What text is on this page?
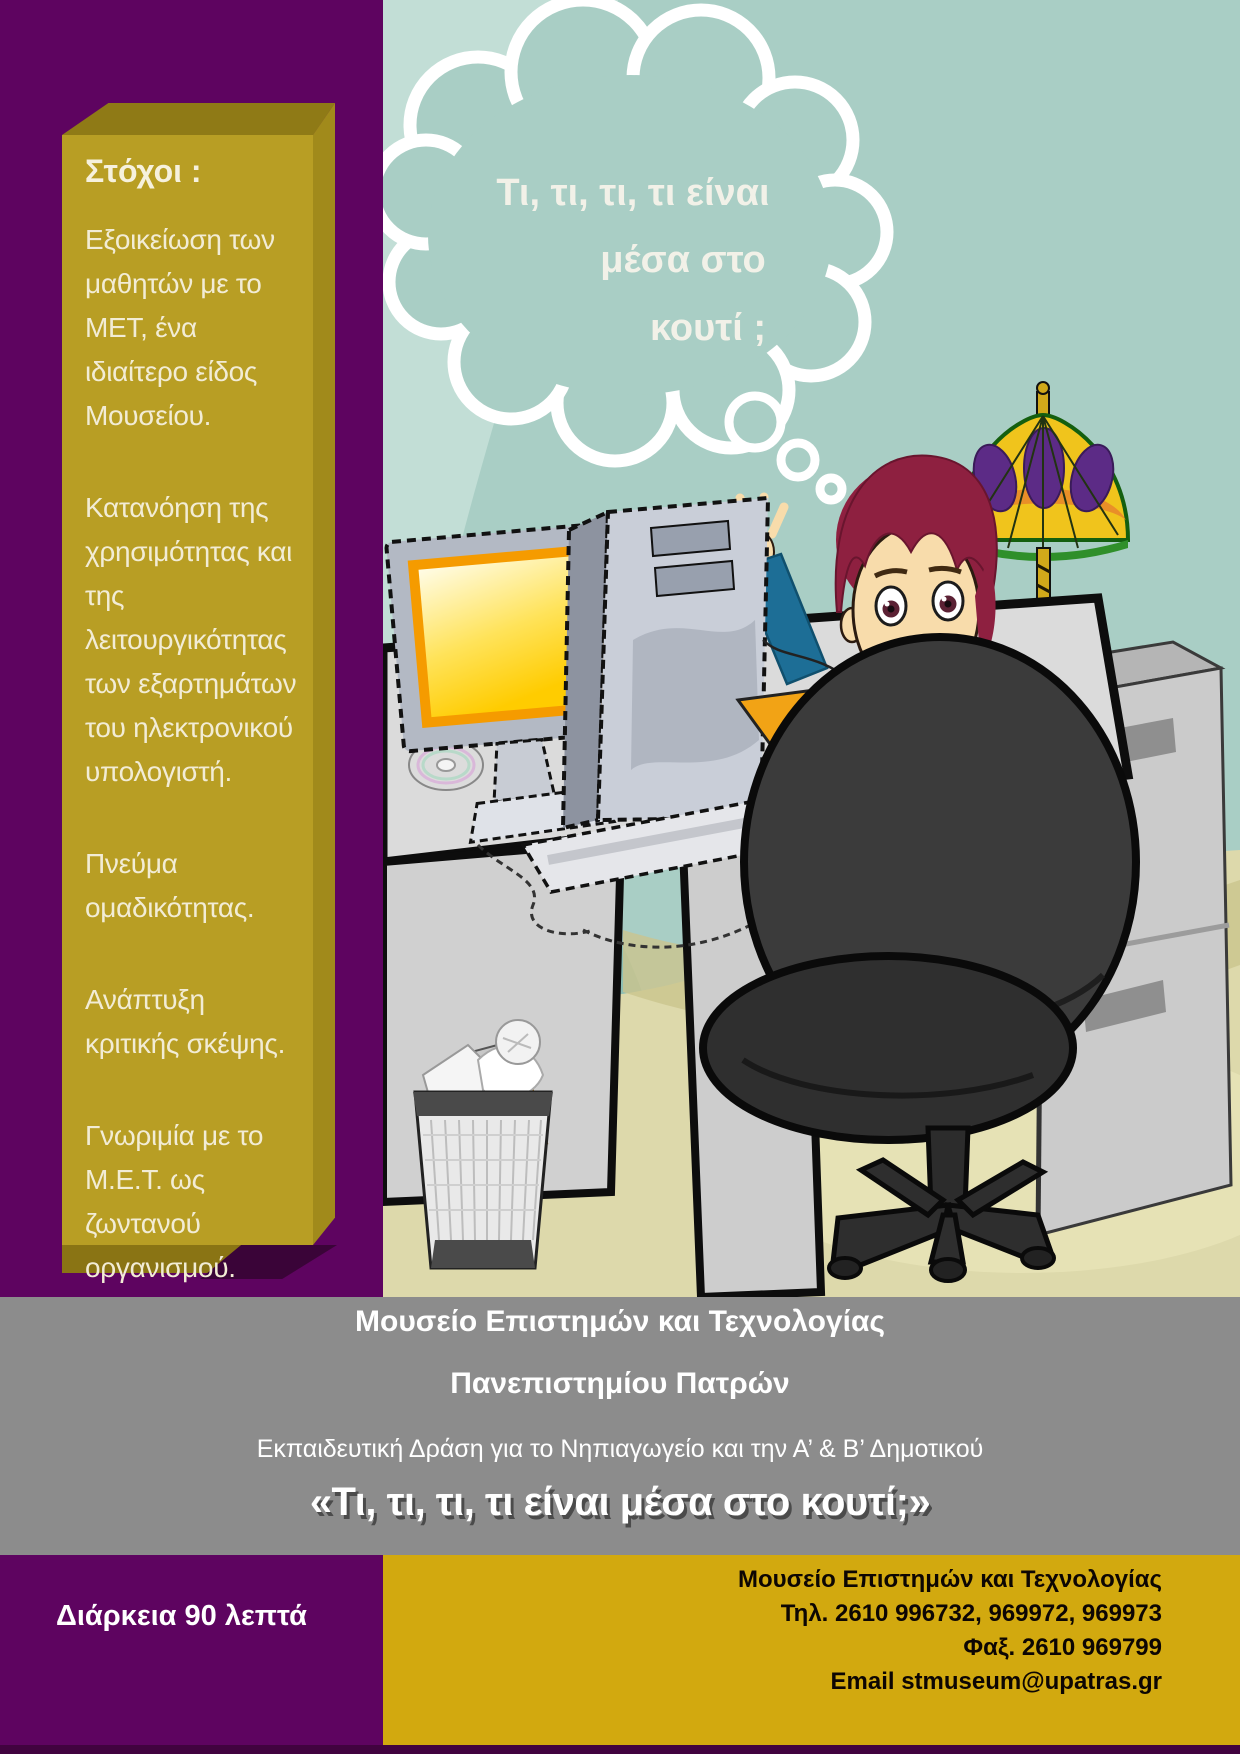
Στόχοι :

Εξοικείωση των μαθητών με το ΜΕΤ, ένα ιδιαίτερο είδος Μουσείου.

Κατανόηση της χρησιμότητας και της λειτουργικότητας των εξαρτημάτων του ηλεκτρονικού υπολογιστή.

Πνεύμα ομαδικότητας.

Ανάπτυξη κριτικής σκέψης.

Γνωριμία με το Μ.Ε.Τ. ως ζωντανού οργανισμού.

Τι, τι, τι, τι είναι
μέσα στο
κουτί ;
Μουσείο Επιστημών και Τεχνολογίας
Πανεπιστημίου Πατρών
Εκπαιδευτική Δράση για το Νηπιαγωγείο και την Α’ & Β’ Δημοτικού
«Τι, τι, τι, τι είναι μέσα στο κουτί;»
Μουσείο Επιστημών και Τεχνολογίας
Τηλ. 2610 996732, 969972, 969973
Φαξ. 2610 969799
Email stmuseum@upatras.gr
Διάρκεια 90 λεπτά
